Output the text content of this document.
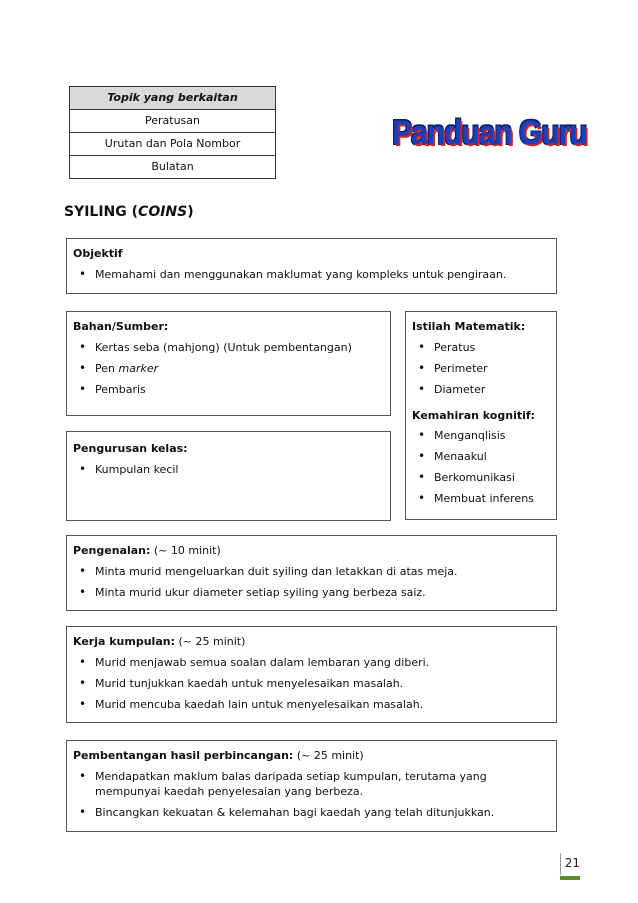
Topik yang berkaitan
Peratusan
Urutan dan Pola Nombor
Bulatan
Panduan Guru
SYILING (COINS)
Objektif
• Memahami dan menggunakan maklumat yang kompleks untuk pengiraan.
Bahan/Sumber:
• Kertas seba (mahjong) (Untuk pembentangan)
• Pen marker
• Pembaris
Pengurusan kelas:
• Kumpulan kecil
Istilah Matematik:
• Peratus
• Perimeter
• Diameter
Kemahiran kognitif:
• Menganqlisis
• Menaakul
• Berkomunikasi
• Membuat inferens
Pengenalan: (~ 10 minit)
• Minta murid mengeluarkan duit syiling dan letakkan di atas meja.
• Minta murid ukur diameter setiap syiling yang berbeza saiz.
Kerja kumpulan: (~ 25 minit)
• Murid menjawab semua soalan dalam lembaran yang diberi.
• Murid tunjukkan kaedah untuk menyelesaikan masalah.
• Murid mencuba kaedah lain untuk menyelesaikan masalah.
Pembentangan hasil perbincangan: (~ 25 minit)
• Mendapatkan maklum balas daripada setiap kumpulan, terutama yang mempunyai kaedah penyelesaian yang berbeza.
• Bincangkan kekuatan & kelemahan bagi kaedah yang telah ditunjukkan.
21
